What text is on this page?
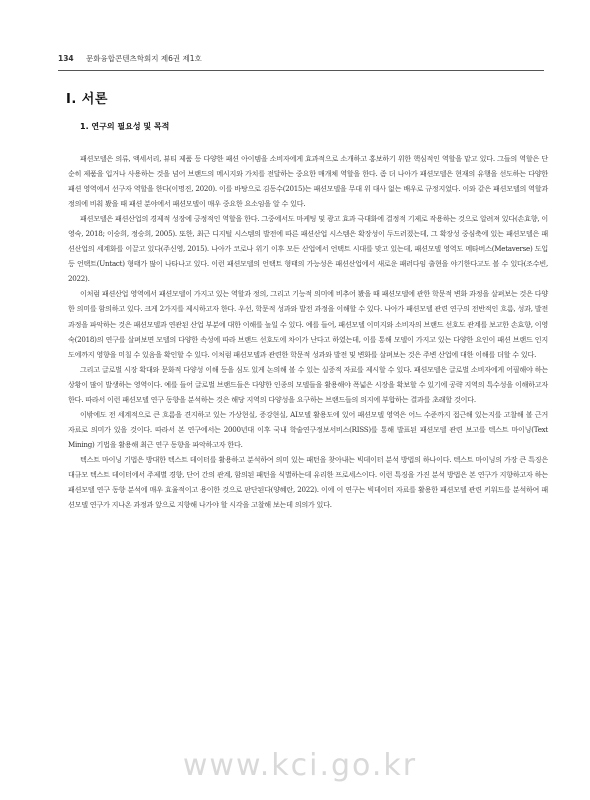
134 문화융합콘텐츠학회지 제6권 제1호
Ⅰ. 서론
1. 연구의 필요성 및 목적

패션모델은 의류, 액세서리, 뷰티 제품 등 다양한 패션 아이템을 소비자에게 효과적으로 소개하고 홍보하기 위한 핵심적인 역할을 맡고 있다. 그들의 역할은 단순히 제품을 입거나 사용하는 것을 넘어 브랜드의 메시지와 가치를 전달하는 중요한 매개체 역할을 한다. 좀 더 나아가 패션모델은 현재의 유행을 선도하는 다양한 패션 영역에서 선구자 역할을 한다(이명진, 2020). 이를 바탕으로 김동수(2015)는 패션모델을 무대 위 대사 없는 배우로 규정지었다. 이와 같은 패션모델의 역할과 정의에 비춰 봤을 때 패션 분야에서 패션모델이 매우 중요한 요소임을 알 수 있다.

패션모델은 패션산업의 경제적 성장에 긍정적인 역할을 한다. 그중에서도 마케팅 및 광고 효과 극대화에 결정적 기제로 작용하는 것으로 알려져 있다(손효향, 이영숙, 2018; 이승희, 정승희, 2005). 또한, 최근 디지털 시스템의 발전에 따른 패션산업 시스템은 확장성이 두드러졌는데, 그 확장성 중심축에 있는 패션모델은 패션산업의 세계화를 이끌고 있다(주신영, 2015). 나아가 코로나 위기 이후 모든 산업에서 언택트 시대를 맞고 있는데, 패션모델 영역도 메타버스(Metaverse) 도입 등 언택트(Untact) 형태가 많이 나타나고 있다. 이런 패션모델의 언택트 형태의 가능성은 패션산업에서 새로운 패러다임 출현을 야기한다고도 볼 수 있다(조수빈, 2022).

이처럼 패션산업 영역에서 패션모델이 가지고 있는 역할과 정의, 그리고 기능적 의미에 비추어 봤을 때 패션모델에 관한 학문적 변화 과정을 살펴보는 것은 다양한 의미를 함의하고 있다. 크게 2가지를 제시하고자 한다. 우선, 학문적 성과와 발전 과정을 이해할 수 있다. 나아가 패션모델 관련 연구의 전반적인 흐름, 성과, 발전 과정을 파악하는 것은 패션모델과 연관된 산업 부분에 대한 이해를 높일 수 있다. 예를 들어, 패션모델 이미지와 소비자의 브랜드 선호도 관계를 보고한 손효향, 이영숙(2018)의 연구를 살펴보면 모델의 다양한 속성에 따라 브랜드 선호도에 차이가 난다고 하였는데, 이를 통해 모델이 가지고 있는 다양한 요인이 패션 브랜드 인지도에까지 영향을 미칠 수 있음을 확인할 수 있다. 이처럼 패션모델과 관련한 학문적 성과와 발전 및 변화를 살펴보는 것은 주변 산업에 대한 이해를 더할 수 있다.

그리고 글로벌 시장 확대와 문화적 다양성 이해 등을 심도 있게 논의해 볼 수 있는 실증적 자료를 제시할 수 있다. 패션모델은 글로벌 소비자에게 어필해야 하는 상황이 많이 발생하는 영역이다. 예를 들어 글로벌 브랜드들은 다양한 인종의 모델들을 활용해야 폭넓은 시장을 확보할 수 있기에 공략 지역의 특수성을 이해하고자 한다. 따라서 이런 패션모델 연구 동향을 분석하는 것은 해당 지역의 다양성을 요구하는 브랜드들의 의지에 부합하는 결과를 초래할 것이다.

이밖에도 전 세계적으로 큰 흐름을 견지하고 있는 가상현실, 증강현실, AI모델 활용도에 있어 패션모델 영역은 어느 수준까지 접근해 있는지를 고찰해 볼 근거 자료로 의미가 있을 것이다. 따라서 본 연구에서는 2000년대 이후 국내 학술연구정보서비스(RISS)를 통해 발표된 패션모델 관련 보고를 텍스트 마이닝(Text Mining) 기법을 활용해 최근 연구 동향을 파악하고자 한다.

텍스트 마이닝 기법은 방대한 텍스트 데이터를 활용하고 분석하여 의미 있는 패턴을 찾아내는 빅데이터 분석 방법의 하나이다. 텍스트 마이닝의 가장 큰 특징은 대규모 텍스트 데이터에서 주제별 경향, 단어 간의 관계, 함의된 패턴을 식별하는데 유리한 프로세스이다. 이런 특징을 가진 분석 방법은 본 연구가 지향하고자 하는 패션모델 연구 동향 분석에 매우 효율적이고 용이한 것으로 판단된다(양혜란, 2022). 이에 이 연구는 빅데이터 자료를 활용한 패션모델 관련 키워드를 분석하여 패션모델 연구가 지나온 과정과 앞으로 지향해 나가야 할 시각을 고찰해 보는데 의의가 있다.

www.kci.go.kr
